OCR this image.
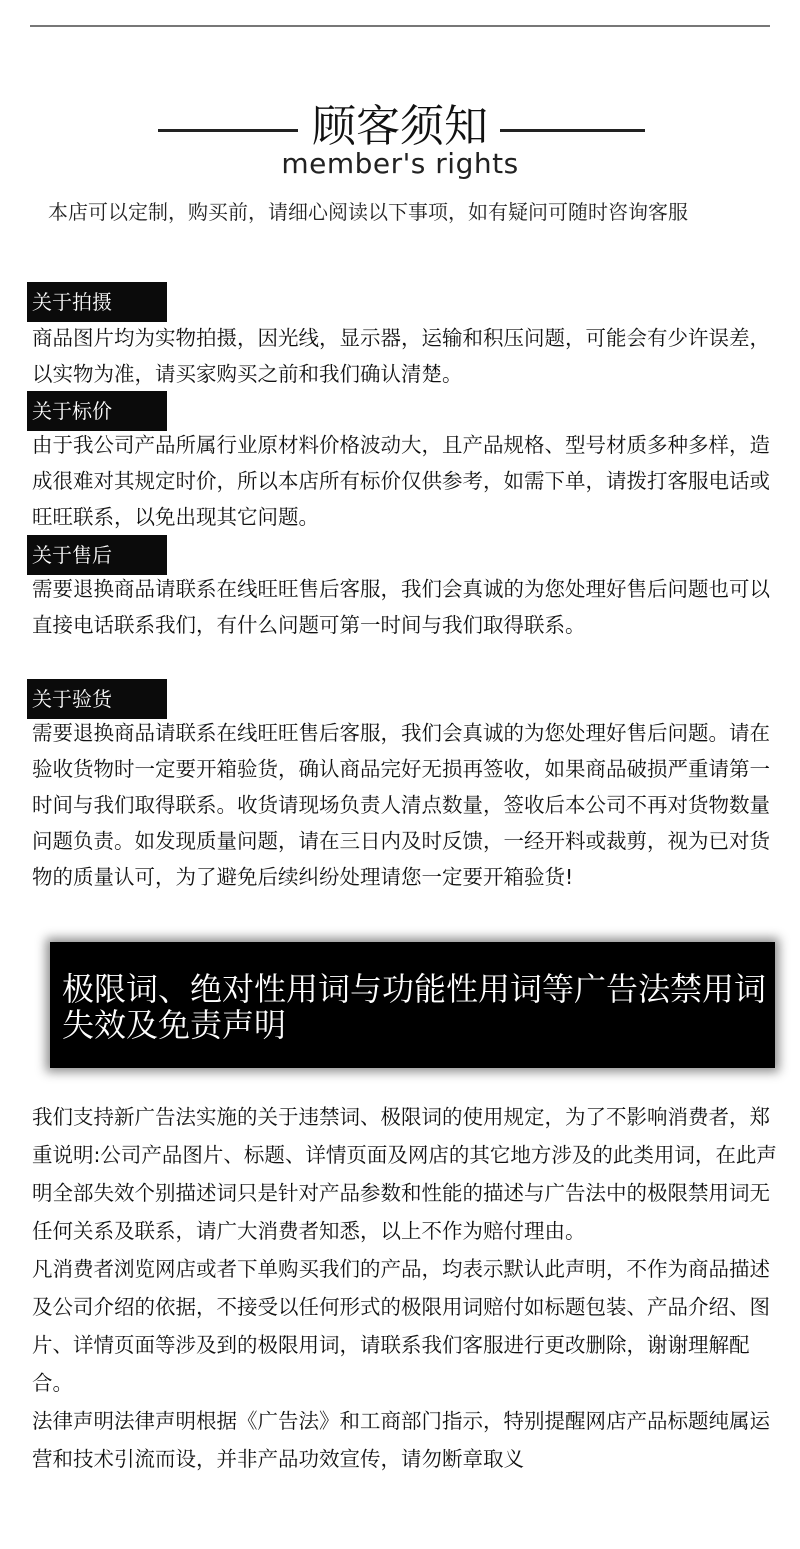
顾客须知
member's rights
本店可以定制，购买前，请细心阅读以下事项，如有疑问可随时咨询客服
关于拍摄
商品图片均为实物拍摄，因光线，显示器，运输和积压问题，可能会有少许误差，以实物为准，请买家购买之前和我们确认清楚。
关于标价
由于我公司产品所属行业原材料价格波动大，且产品规格、型号材质多种多样，造成很难对其规定时价，所以本店所有标价仅供参考，如需下单，请拨打客服电话或旺旺联系，以免出现其它问题。
关于售后
需要退换商品请联系在线旺旺售后客服，我们会真诚的为您处理好售后问题也可以直接电话联系我们，有什么问题可第一时间与我们取得联系。
关于验货
需要退换商品请联系在线旺旺售后客服，我们会真诚的为您处理好售后问题。请在验收货物时一定要开箱验货，确认商品完好无损再签收，如果商品破损严重请第一时间与我们取得联系。收货请现场负责人清点数量，签收后本公司不再对货物数量问题负责。如发现质量问题，请在三日内及时反馈，一经开料或裁剪，视为已对货物的质量认可，为了避免后续纠纷处理请您一定要开箱验货!
极限词、绝对性用词与功能性用词等广告法禁用词失效及免责声明

我们支持新广告法实施的关于违禁词、极限词的使用规定，为了不影响消费者，郑重说明:公司产品图片、标题、详情页面及网店的其它地方涉及的此类用词，在此声明全部失效个别描述词只是针对产品参数和性能的描述与广告法中的极限禁用词无任何关系及联系，请广大消费者知悉，以上不作为赔付理由。

凡消费者浏览网店或者下单购买我们的产品，均表示默认此声明，不作为商品描述及公司介绍的依据，不接受以任何形式的极限用词赔付如标题包装、产品介绍、图片、详情页面等涉及到的极限用词，请联系我们客服进行更改删除，谢谢理解配合。

法律声明法律声明根据《广告法》和工商部门指示，特别提醒网店产品标题纯属运营和技术引流而设，并非产品功效宣传，请勿断章取义
